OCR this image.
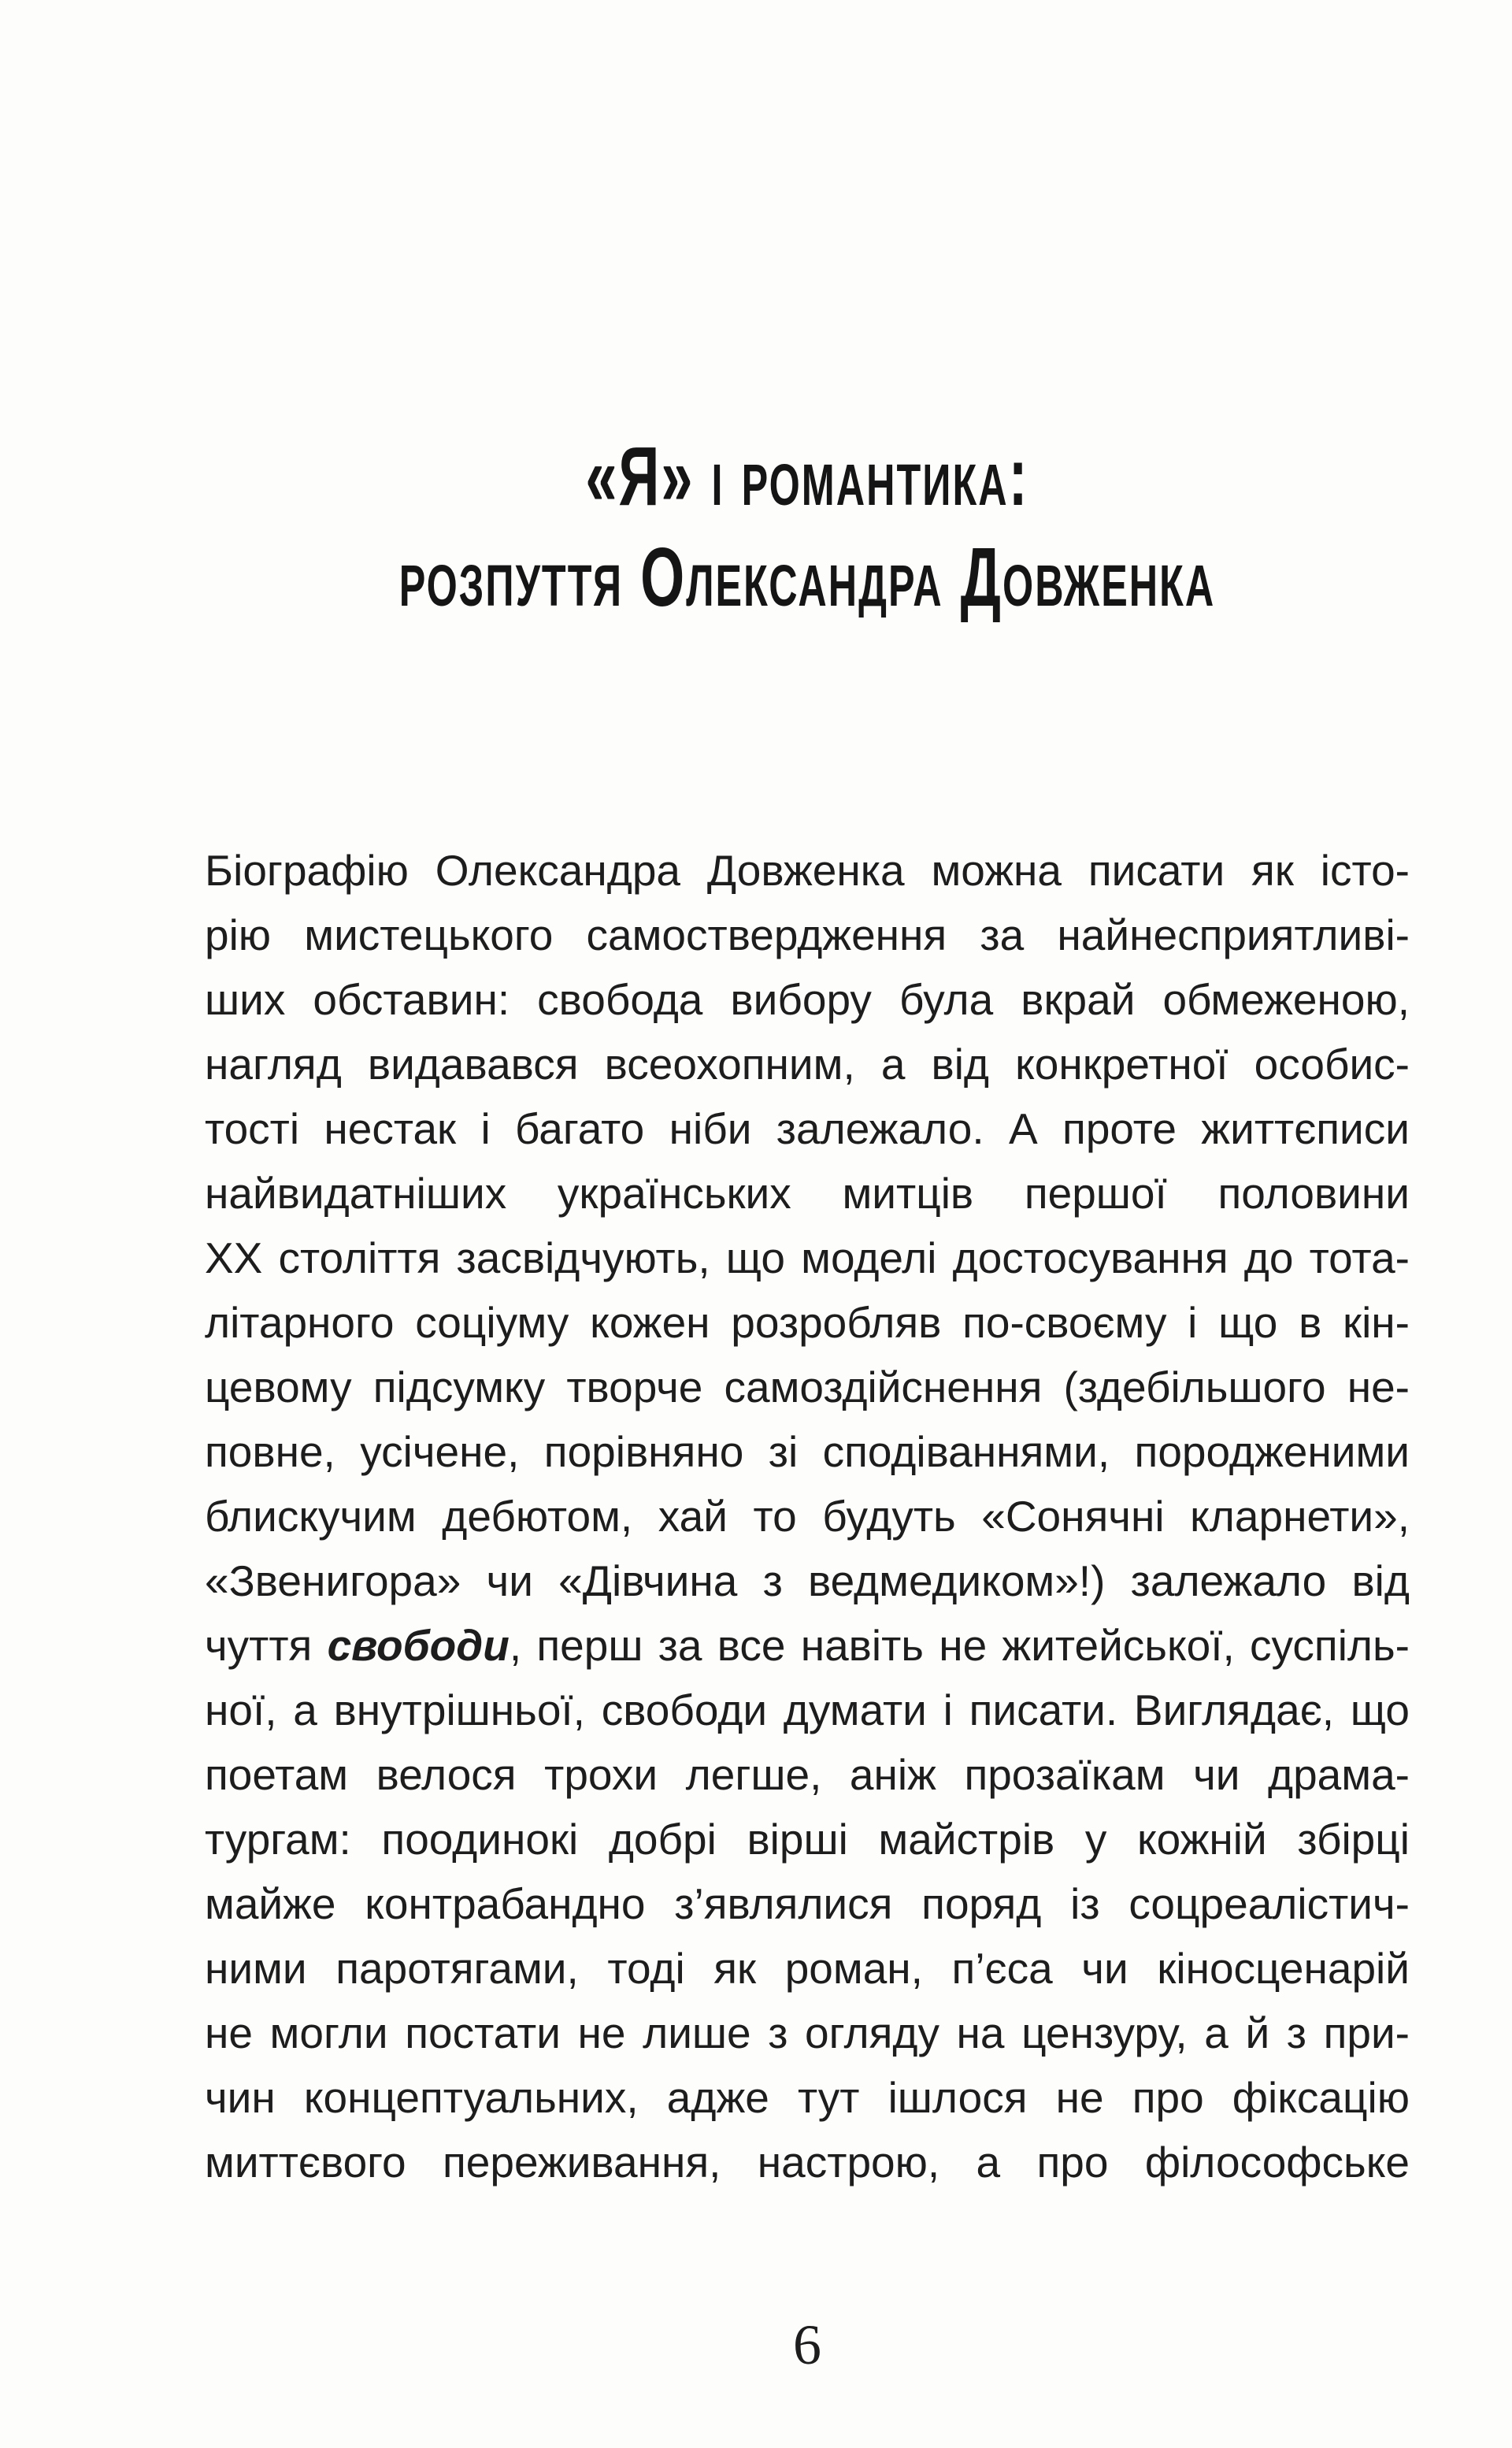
«Я» і романтика:
розпуття Олександра Довженка
Біографію Олександра Довженка можна писати як істо-
рію мистецького самоствердження за найнесприятливі-
ших обставин: свобода вибору була вкрай обмеженою,
нагляд видавався всеохопним, а від конкретної особис-
тості нестак і багато ніби залежало. А проте життєписи
найвидатніших українських митців першої половини
ХХ століття засвідчують, що моделі достосування до тота-
літарного соціуму кожен розробляв по-своєму і що в кін-
цевому підсумку творче самоздійснення (здебільшого не-
повне, усічене, порівняно зі сподіваннями, породженими
блискучим дебютом, хай то будуть «Сонячні кларнети»,
«Звенигора» чи «Дівчина з ведмедиком»!) залежало від
чуття свободи, перш за все навіть не житейської, суспіль-
ної, а внутрішньої, свободи думати і писати. Виглядає, що
поетам велося трохи легше, аніж прозаїкам чи драма-
тургам: поодинокі добрі вірші майстрів у кожній збірці
майже контрабандно з’являлися поряд із соцреалістич-
ними паротягами, тоді як роман, п’єса чи кіносценарій
не могли постати не лише з огляду на цензуру, а й з при-
чин концептуальних, адже тут ішлося не про фіксацію
миттєвого переживання, настрою, а про філософське
6
